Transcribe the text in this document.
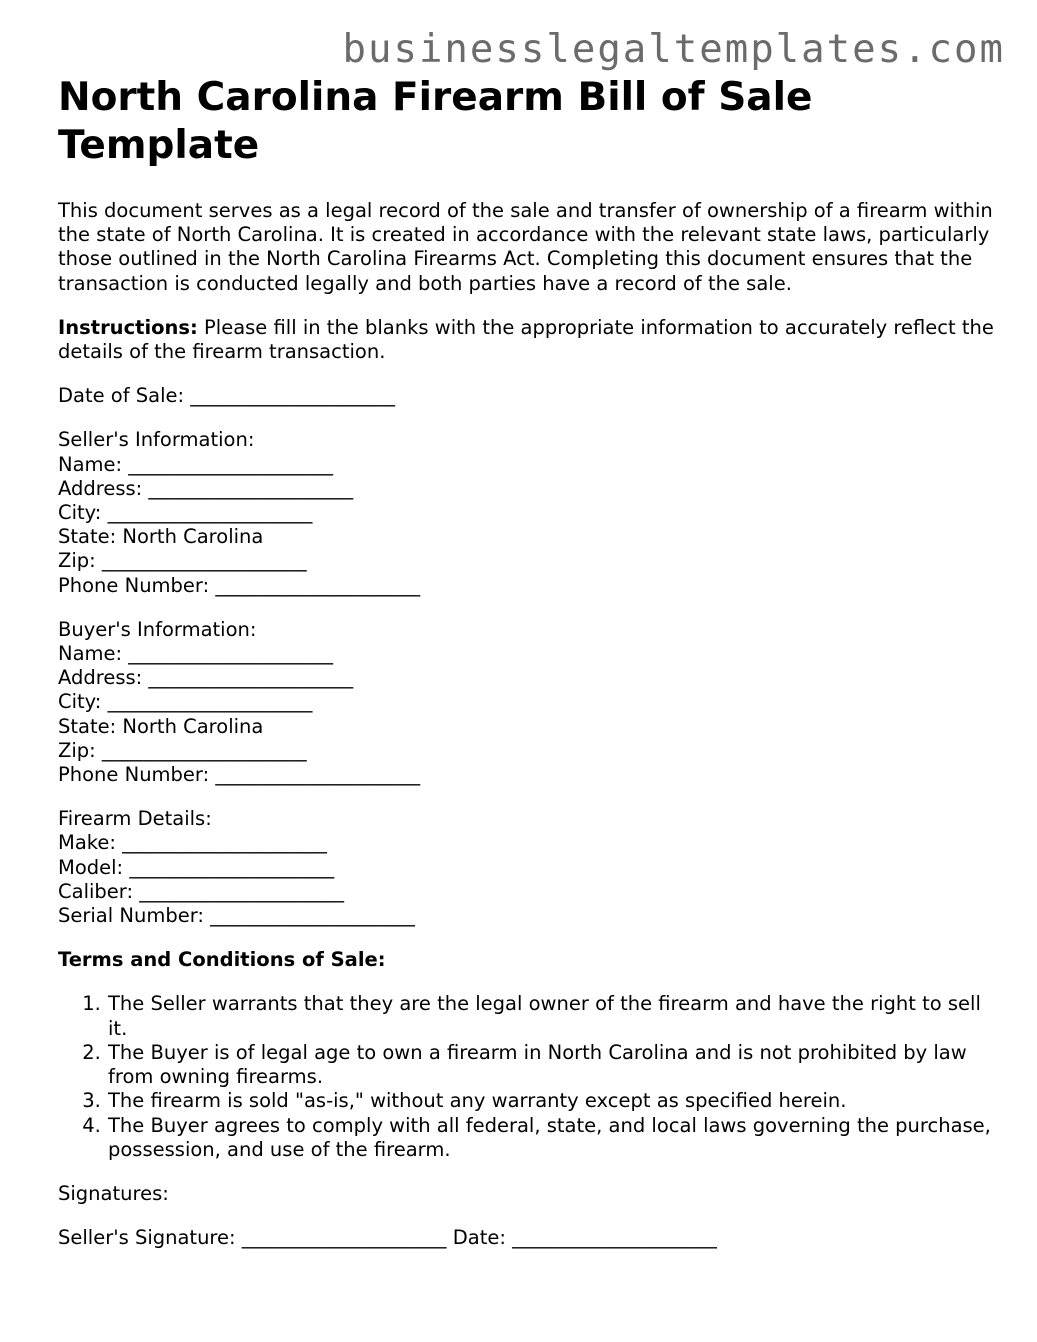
businesslegaltemplates.com
North Carolina Firearm Bill of Sale Template

This document serves as a legal record of the sale and transfer of ownership of a firearm within the state of North Carolina. It is created in accordance with the relevant state laws, particularly those outlined in the North Carolina Firearms Act. Completing this document ensures that the transaction is conducted legally and both parties have a record of the sale.

Instructions: Please fill in the blanks with the appropriate information to accurately reflect the details of the firearm transaction.

Date of Sale: _____________________

Seller's Information:
Name: _____________________
Address: _____________________
City: _____________________
State: North Carolina
Zip: _____________________
Phone Number: _____________________
Buyer's Information:
Name: _____________________
Address: _____________________
City: _____________________
State: North Carolina
Zip: _____________________
Phone Number: _____________________
Firearm Details:
Make: _____________________
Model: _____________________
Caliber: _____________________
Serial Number: _____________________

Terms and Conditions of Sale:

1. The Seller warrants that they are the legal owner of the firearm and have the right to sell it.
2. The Buyer is of legal age to own a firearm in North Carolina and is not prohibited by law from owning firearms.
3. The firearm is sold "as-is," without any warranty except as specified herein.
4. The Buyer agrees to comply with all federal, state, and local laws governing the purchase, possession, and use of the firearm.

Signatures:

Seller's Signature: _____________________ Date: _____________________
